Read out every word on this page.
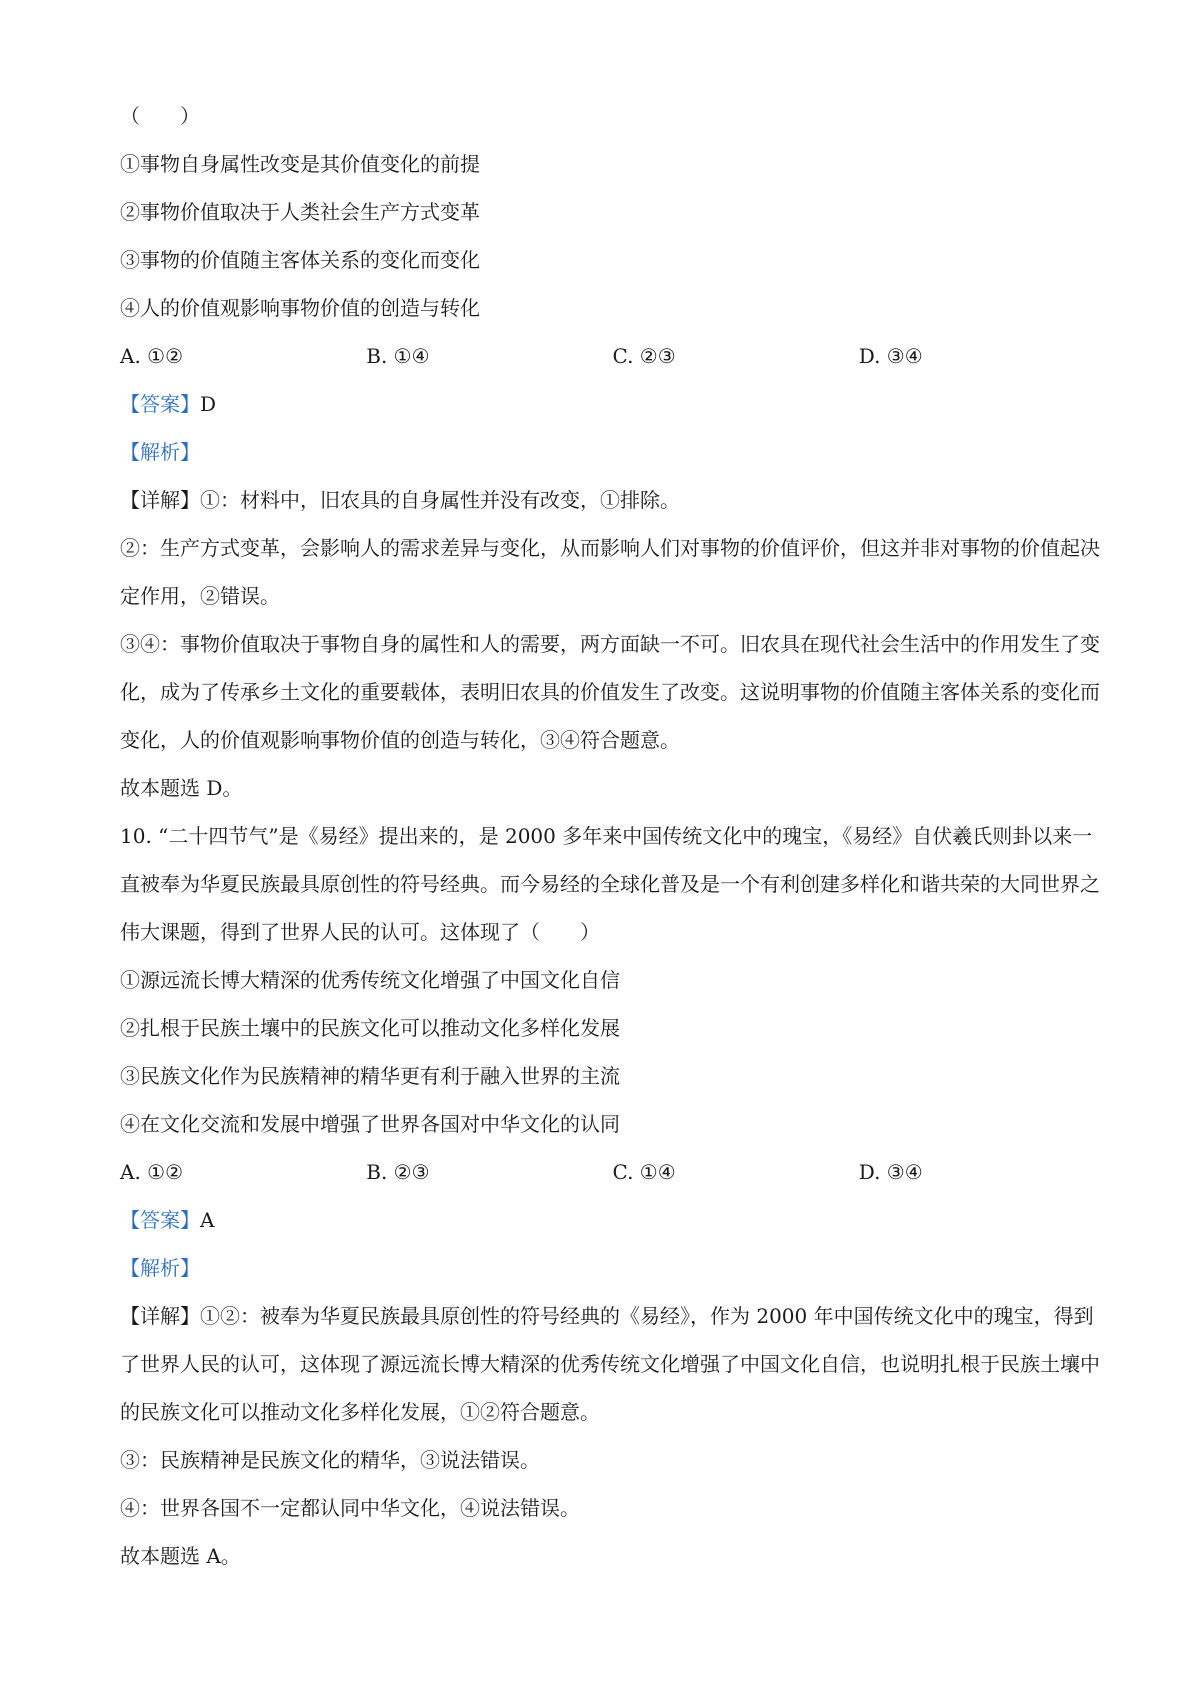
（　　）
①事物自身属性改变是其价值变化的前提
②事物价值取决于人类社会生产方式变革
③事物的价值随主客体关系的变化而变化
④人的价值观影响事物价值的创造与转化
A. ①②	B. ①④	C. ②③	D. ③④
【答案】D
【解析】
【详解】①：材料中，旧农具的自身属性并没有改变，①排除。
②：生产方式变革，会影响人的需求差异与变化，从而影响人们对事物的价值评价，但这并非对事物的价值起决定作用，②错误。
③④：事物价值取决于事物自身的属性和人的需要，两方面缺一不可。旧农具在现代社会生活中的作用发生了变化，成为了传承乡土文化的重要载体，表明旧农具的价值发生了改变。这说明事物的价值随主客体关系的变化而变化，人的价值观影响事物价值的创造与转化，③④符合题意。
故本题选 D。
10. “二十四节气”是《易经》提出来的，是 2000 多年来中国传统文化中的瑰宝，《易经》自伏羲氏则卦以来一直被奉为华夏民族最具原创性的符号经典。而今易经的全球化普及是一个有利创建多样化和谐共荣的大同世界之伟大课题，得到了世界人民的认可。这体现了（　　）
①源远流长博大精深的优秀传统文化增强了中国文化自信
②扎根于民族土壤中的民族文化可以推动文化多样化发展
③民族文化作为民族精神的精华更有利于融入世界的主流
④在文化交流和发展中增强了世界各国对中华文化的认同
A. ①②	B. ②③	C. ①④	D. ③④
【答案】A
【解析】
【详解】①②：被奉为华夏民族最具原创性的符号经典的《易经》，作为 2000 年中国传统文化中的瑰宝，得到了世界人民的认可，这体现了源远流长博大精深的优秀传统文化增强了中国文化自信，也说明扎根于民族土壤中的民族文化可以推动文化多样化发展，①②符合题意。
③：民族精神是民族文化的精华，③说法错误。
④：世界各国不一定都认同中华文化，④说法错误。
故本题选 A。
